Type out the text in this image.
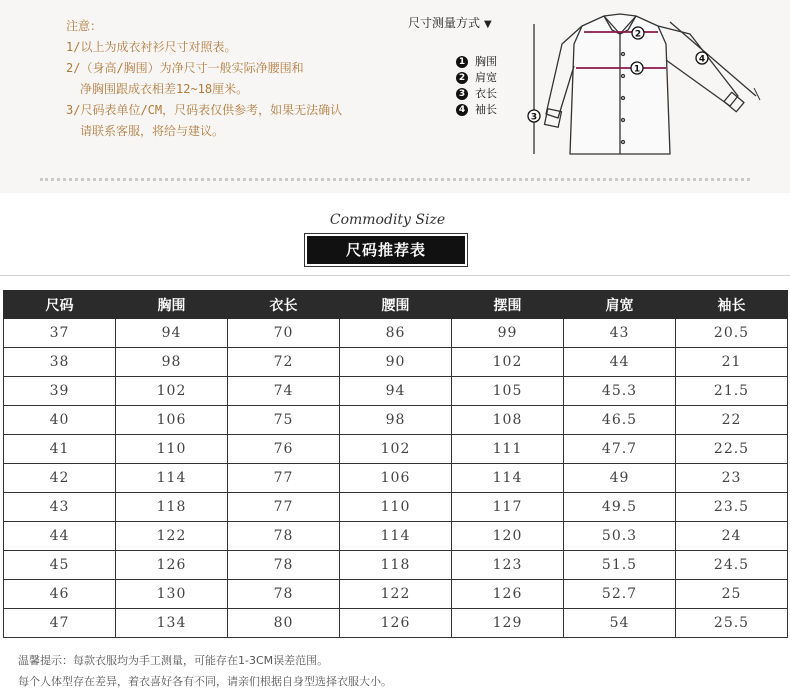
注意：
1/以上为成衣衬衫尺寸对照表。
2/（身高/胸围）为净尺寸一般实际净腰围和
净胸围跟成衣相差12~18厘米。
3/尺码表单位/CM，尺码表仅供参考，如果无法确认
请联系客服，将给与建议。
尺寸测量方式 ▼
1 胸围
2 肩宽
3 衣长
4 袖长
1
2
3
4
Commodity Size
尺码推荐表
尺码	胸围	衣长	腰围	摆围	肩宽	袖长
37	94	70	86	99	43	20.5
38	98	72	90	102	44	21
39	102	74	94	105	45.3	21.5
40	106	75	98	108	46.5	22
41	110	76	102	111	47.7	22.5
42	114	77	106	114	49	23
43	118	77	110	117	49.5	23.5
44	122	78	114	120	50.3	24
45	126	78	118	123	51.5	24.5
46	130	78	122	126	52.7	25
47	134	80	126	129	54	25.5
温馨提示：每款衣服均为手工测量，可能存在1-3CM误差范围。
每个人体型存在差异，着衣喜好各有不同，请亲们根据自身型选择衣服大小。
